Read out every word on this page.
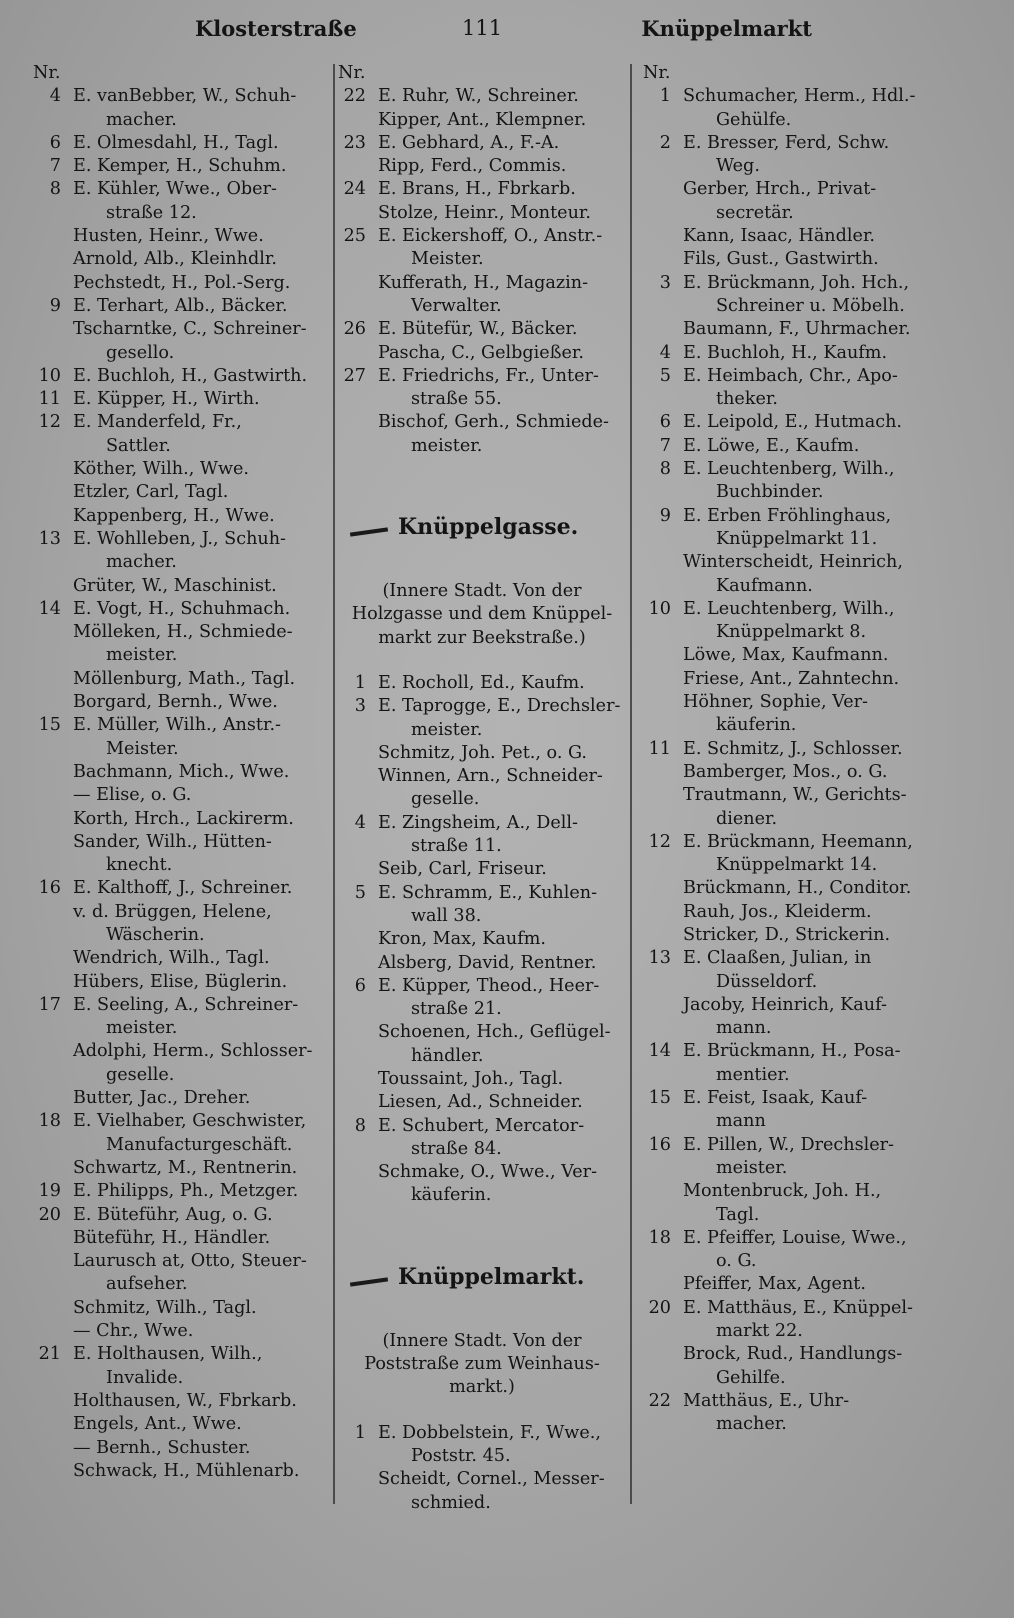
Klosterstraße	111	Knüppelmarkt
Nr.
4 E. vanBebber, W., Schuh-
macher.
6 E. Olmesdahl, H., Tagl.
7 E. Kemper, H., Schuhm.
8 E. Kühler, Wwe., Ober-
straße 12.
Husten, Heinr., Wwe.
Arnold, Alb., Kleinhdlr.
Pechstedt, H., Pol.-Serg.
9 E. Terhart, Alb., Bäcker.
Tscharntke, C., Schreiner-
gesello.
10 E. Buchloh, H., Gastwirth.
11 E. Küpper, H., Wirth.
12 E. Manderfeld, Fr.,
Sattler.
Köther, Wilh., Wwe.
Etzler, Carl, Tagl.
Kappenberg, H., Wwe.
13 E. Wohlleben, J., Schuh-
macher.
Grüter, W., Maschinist.
14 E. Vogt, H., Schuhmach.
Mölleken, H., Schmiede-
meister.
Möllenburg, Math., Tagl.
Borgard, Bernh., Wwe.
15 E. Müller, Wilh., Anstr.-
Meister.
Bachmann, Mich., Wwe.
— Elise, o. G.
Korth, Hrch., Lackirerm.
Sander, Wilh., Hütten-
knecht.
16 E. Kalthoff, J., Schreiner.
v. d. Brüggen, Helene,
Wäscherin.
Wendrich, Wilh., Tagl.
Hübers, Elise, Büglerin.
17 E. Seeling, A., Schreiner-
meister.
Adolphi, Herm., Schlosser-
geselle.
Butter, Jac., Dreher.
18 E. Vielhaber, Geschwister,
Manufacturgeschäft.
Schwartz, M., Rentnerin.
19 E. Philipps, Ph., Metzger.
20 E. Büteführ, Aug, o. G.
Büteführ, H., Händler.
Laurusch at, Otto, Steuer-
aufseher.
Schmitz, Wilh., Tagl.
— Chr., Wwe.
21 E. Holthausen, Wilh.,
Invalide.
Holthausen, W., Fbrkarb.
Engels, Ant., Wwe.
— Bernh., Schuster.
Schwack, H., Mühlenarb.
Nr.
22 E. Ruhr, W., Schreiner.
Kipper, Ant., Klempner.
23 E. Gebhard, A., F.-A.
Ripp, Ferd., Commis.
24 E. Brans, H., Fbrkarb.
Stolze, Heinr., Monteur.
25 E. Eickershoff, O., Anstr.-
Meister.
Kufferath, H., Magazin-
Verwalter.
26 E. Bütefür, W., Bäcker.
Pascha, C., Gelbgießer.
27 E. Friedrichs, Fr., Unter-
straße 55.
Bischof, Gerh., Schmiede-
meister.
Knüppelgasse.
(Innere Stadt. Von der
Holzgasse und dem Knüppel-
markt zur Beekstraße.)
1 E. Rocholl, Ed., Kaufm.
3 E. Taprogge, E., Drechsler-
meister.
Schmitz, Joh. Pet., o. G.
Winnen, Arn., Schneider-
geselle.
4 E. Zingsheim, A., Dell-
straße 11.
Seib, Carl, Friseur.
5 E. Schramm, E., Kuhlen-
wall 38.
Kron, Max, Kaufm.
Alsberg, David, Rentner.
6 E. Küpper, Theod., Heer-
straße 21.
Schoenen, Hch., Geflügel-
händler.
Toussaint, Joh., Tagl.
Liesen, Ad., Schneider.
8 E. Schubert, Mercator-
straße 84.
Schmake, O., Wwe., Ver-
käuferin.
Knüppelmarkt.
(Innere Stadt. Von der
Poststraße zum Weinhaus-
markt.)
1 E. Dobbelstein, F., Wwe.,
Poststr. 45.
Scheidt, Cornel., Messer-
schmied.
Nr.
1 Schumacher, Herm., Hdl.-
Gehülfe.
2 E. Bresser, Ferd, Schw.
Weg.
Gerber, Hrch., Privat-
secretär.
Kann, Isaac, Händler.
Fils, Gust., Gastwirth.
3 E. Brückmann, Joh. Hch.,
Schreiner u. Möbelh.
Baumann, F., Uhrmacher.
4 E. Buchloh, H., Kaufm.
5 E. Heimbach, Chr., Apo-
theker.
6 E. Leipold, E., Hutmach.
7 E. Löwe, E., Kaufm.
8 E. Leuchtenberg, Wilh.,
Buchbinder.
9 E. Erben Fröhlinghaus,
Knüppelmarkt 11.
Winterscheidt, Heinrich,
Kaufmann.
10 E. Leuchtenberg, Wilh.,
Knüppelmarkt 8.
Löwe, Max, Kaufmann.
Friese, Ant., Zahntechn.
Höhner, Sophie, Ver-
käuferin.
11 E. Schmitz, J., Schlosser.
Bamberger, Mos., o. G.
Trautmann, W., Gerichts-
diener.
12 E. Brückmann, Heemann,
Knüppelmarkt 14.
Brückmann, H., Conditor.
Rauh, Jos., Kleiderm.
Stricker, D., Strickerin.
13 E. Claaßen, Julian, in
Düsseldorf.
Jacoby, Heinrich, Kauf-
mann.
14 E. Brückmann, H., Posa-
mentier.
15 E. Feist, Isaak, Kauf-
mann
16 E. Pillen, W., Drechsler-
meister.
Montenbruck, Joh. H.,
Tagl.
18 E. Pfeiffer, Louise, Wwe.,
o. G.
Pfeiffer, Max, Agent.
20 E. Matthäus, E., Knüppel-
markt 22.
Brock, Rud., Handlungs-
Gehilfe.
22 Matthäus, E., Uhr-
macher.
